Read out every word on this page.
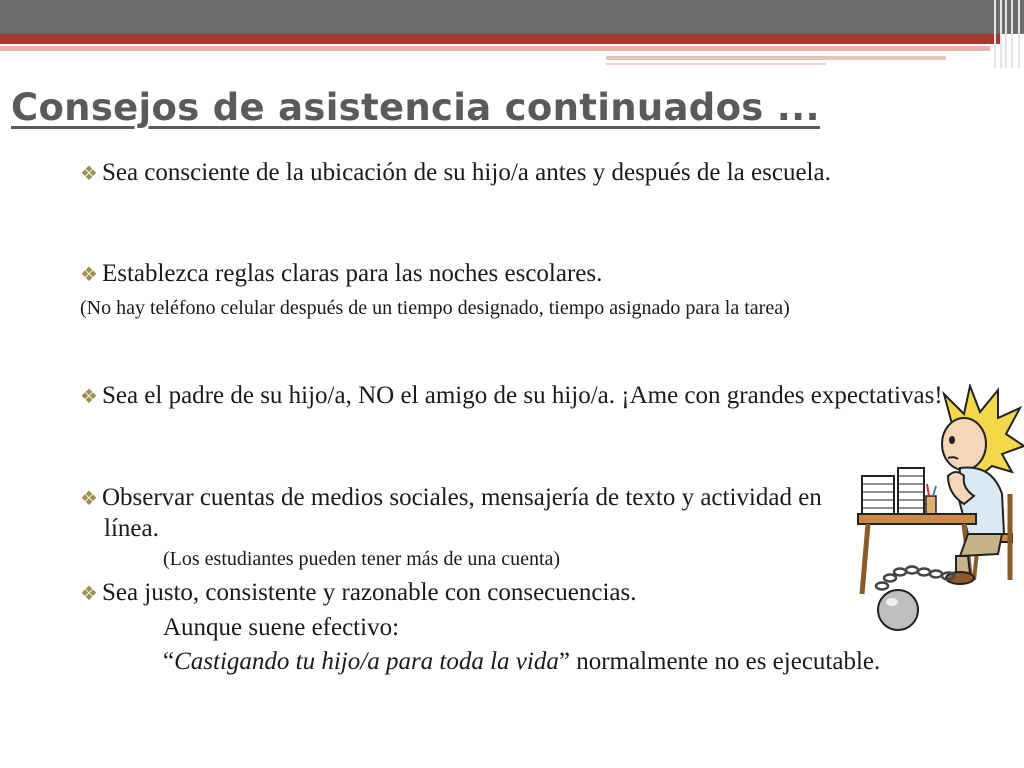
Consejos de asistencia continuados ...
❖ Sea consciente de la ubicación de su hijo/a antes y después de la escuela.
❖ Establezca reglas claras para las noches escolares.
(No hay teléfono celular después de un tiempo designado, tiempo asignado para la tarea)
❖ Sea el padre de su hijo/a, NO el amigo de su hijo/a. ¡Ame con grandes expectativas!
❖ Observar cuentas de medios sociales, mensajería de texto y actividad en línea.
(Los estudiantes pueden tener más de una cuenta)
❖ Sea justo, consistente y razonable con consecuencias.
Aunque suene efectivo:
“Castigando tu hijo/a para toda la vida” normalmente no es ejecutable.
